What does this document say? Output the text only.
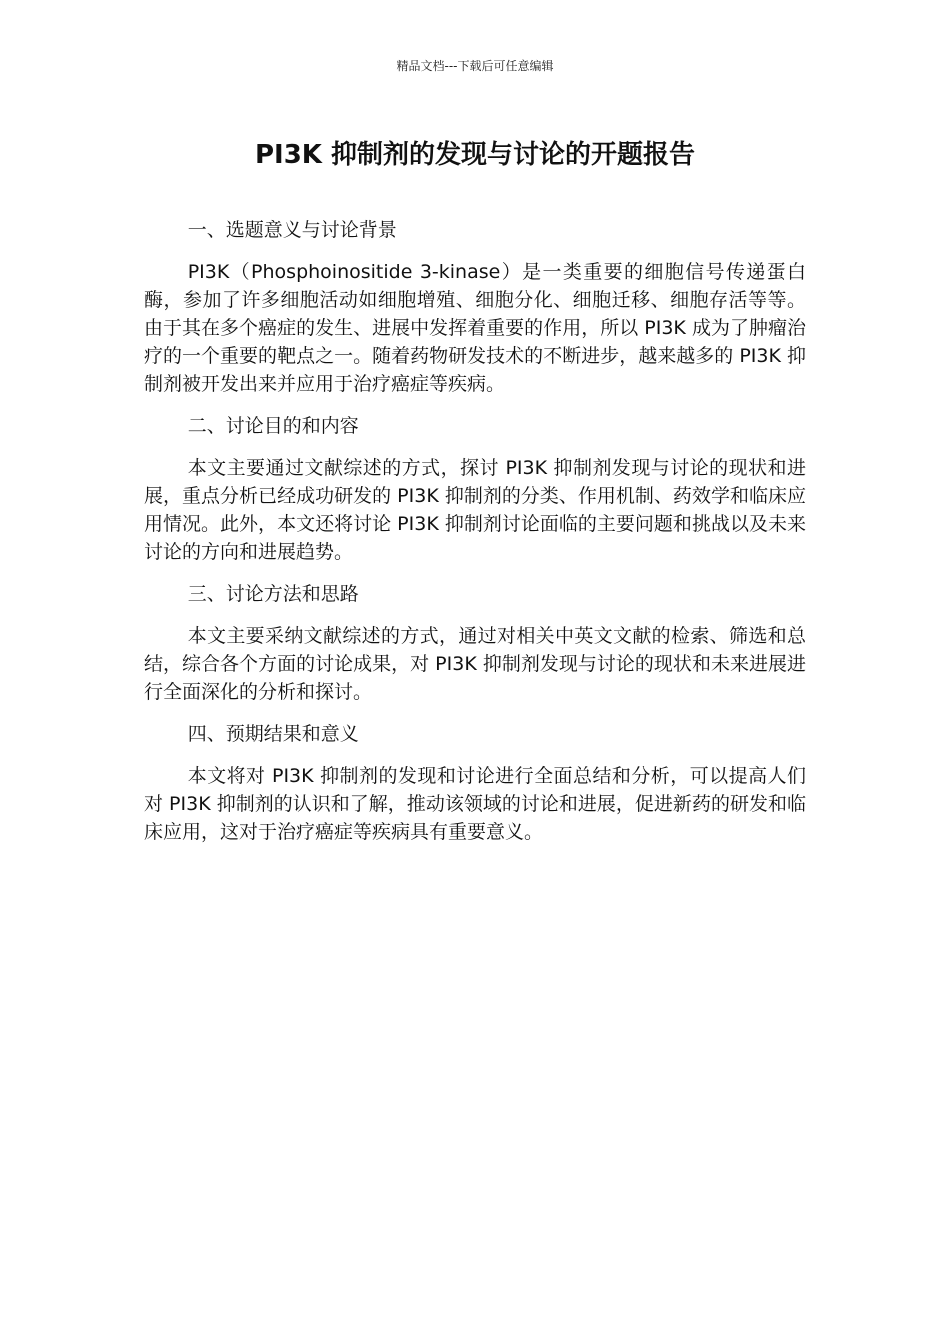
精品文档---下载后可任意编辑
PI3K 抑制剂的发现与讨论的开题报告
一、选题意义与讨论背景

PI3K（Phosphoinositide 3-kinase）是一类重要的细胞信号传递蛋白酶，参加了许多细胞活动如细胞增殖、细胞分化、细胞迁移、细胞存活等等。由于其在多个癌症的发生、进展中发挥着重要的作用，所以 PI3K 成为了肿瘤治疗的一个重要的靶点之一。随着药物研发技术的不断进步，越来越多的 PI3K 抑制剂被开发出来并应用于治疗癌症等疾病。

二、讨论目的和内容

本文主要通过文献综述的方式，探讨 PI3K 抑制剂发现与讨论的现状和进展，重点分析已经成功研发的 PI3K 抑制剂的分类、作用机制、药效学和临床应用情况。此外，本文还将讨论 PI3K 抑制剂讨论面临的主要问题和挑战以及未来讨论的方向和进展趋势。

三、讨论方法和思路

本文主要采纳文献综述的方式，通过对相关中英文文献的检索、筛选和总结，综合各个方面的讨论成果，对 PI3K 抑制剂发现与讨论的现状和未来进展进行全面深化的分析和探讨。

四、预期结果和意义

本文将对 PI3K 抑制剂的发现和讨论进行全面总结和分析，可以提高人们对 PI3K 抑制剂的认识和了解，推动该领域的讨论和进展，促进新药的研发和临床应用，这对于治疗癌症等疾病具有重要意义。
